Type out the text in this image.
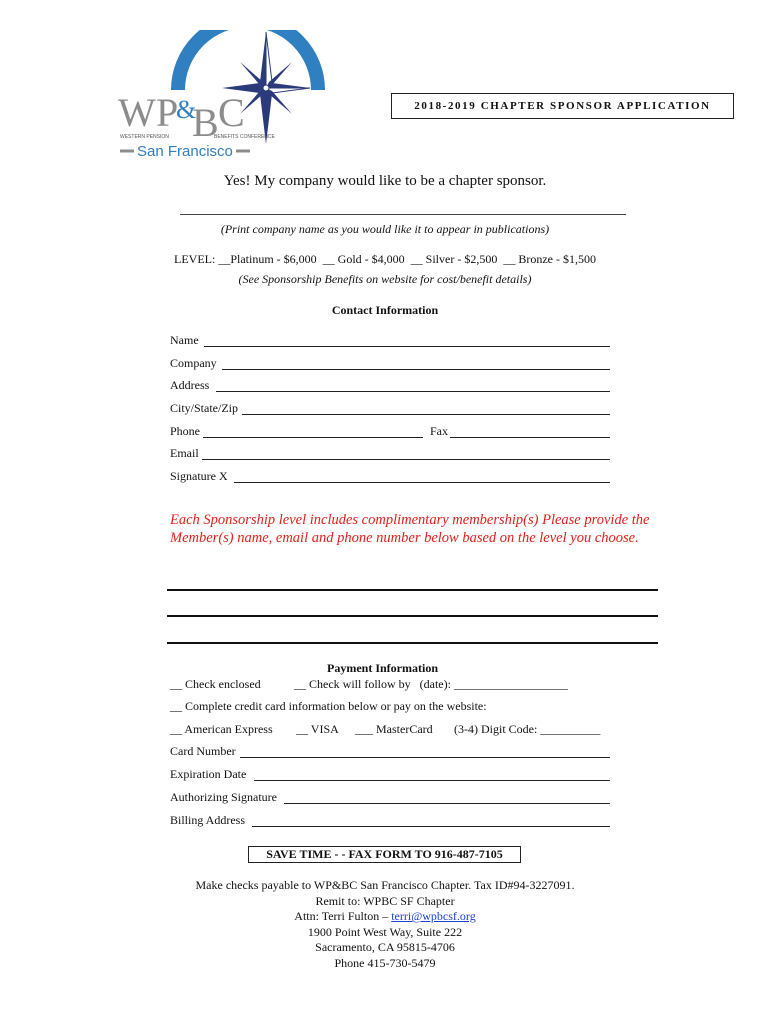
W P
&
B C
WESTERN PENSION	BENEFITS CONFERENCE
San Francisco
2018-2019 CHAPTER SPONSOR APPLICATION
Yes! My company would like to be a chapter sponsor.
(Print company name as you would like it to appear in publications)
LEVEL: __Platinum - $6,000  __ Gold - $4,000  __ Silver - $2,500  __ Bronze - $1,500
(See Sponsorship Benefits on website for cost/benefit details)
Contact Information
Name
Company
Address
City/State/Zip
Phone	Fax
Email
Signature X
Each Sponsorship level includes complimentary membership(s) Please provide the Member(s) name, email and phone number below based on the level you choose.
Payment Information
__ Check enclosed	__ Check will follow by   (date): ___________________
__ Complete credit card information below or pay on the website:
__ American Express __ VISA ___ MasterCard (3-4) Digit Code: __________
Card Number
Expiration Date
Authorizing Signature
Billing Address
SAVE TIME - - FAX FORM TO 916-487-7105
Make checks payable to WP&BC San Francisco Chapter. Tax ID#94-3227091.
Remit to: WPBC SF Chapter
Attn: Terri Fulton – terri@wpbcsf.org
1900 Point West Way, Suite 222
Sacramento, CA 95815-4706
Phone 415-730-5479
